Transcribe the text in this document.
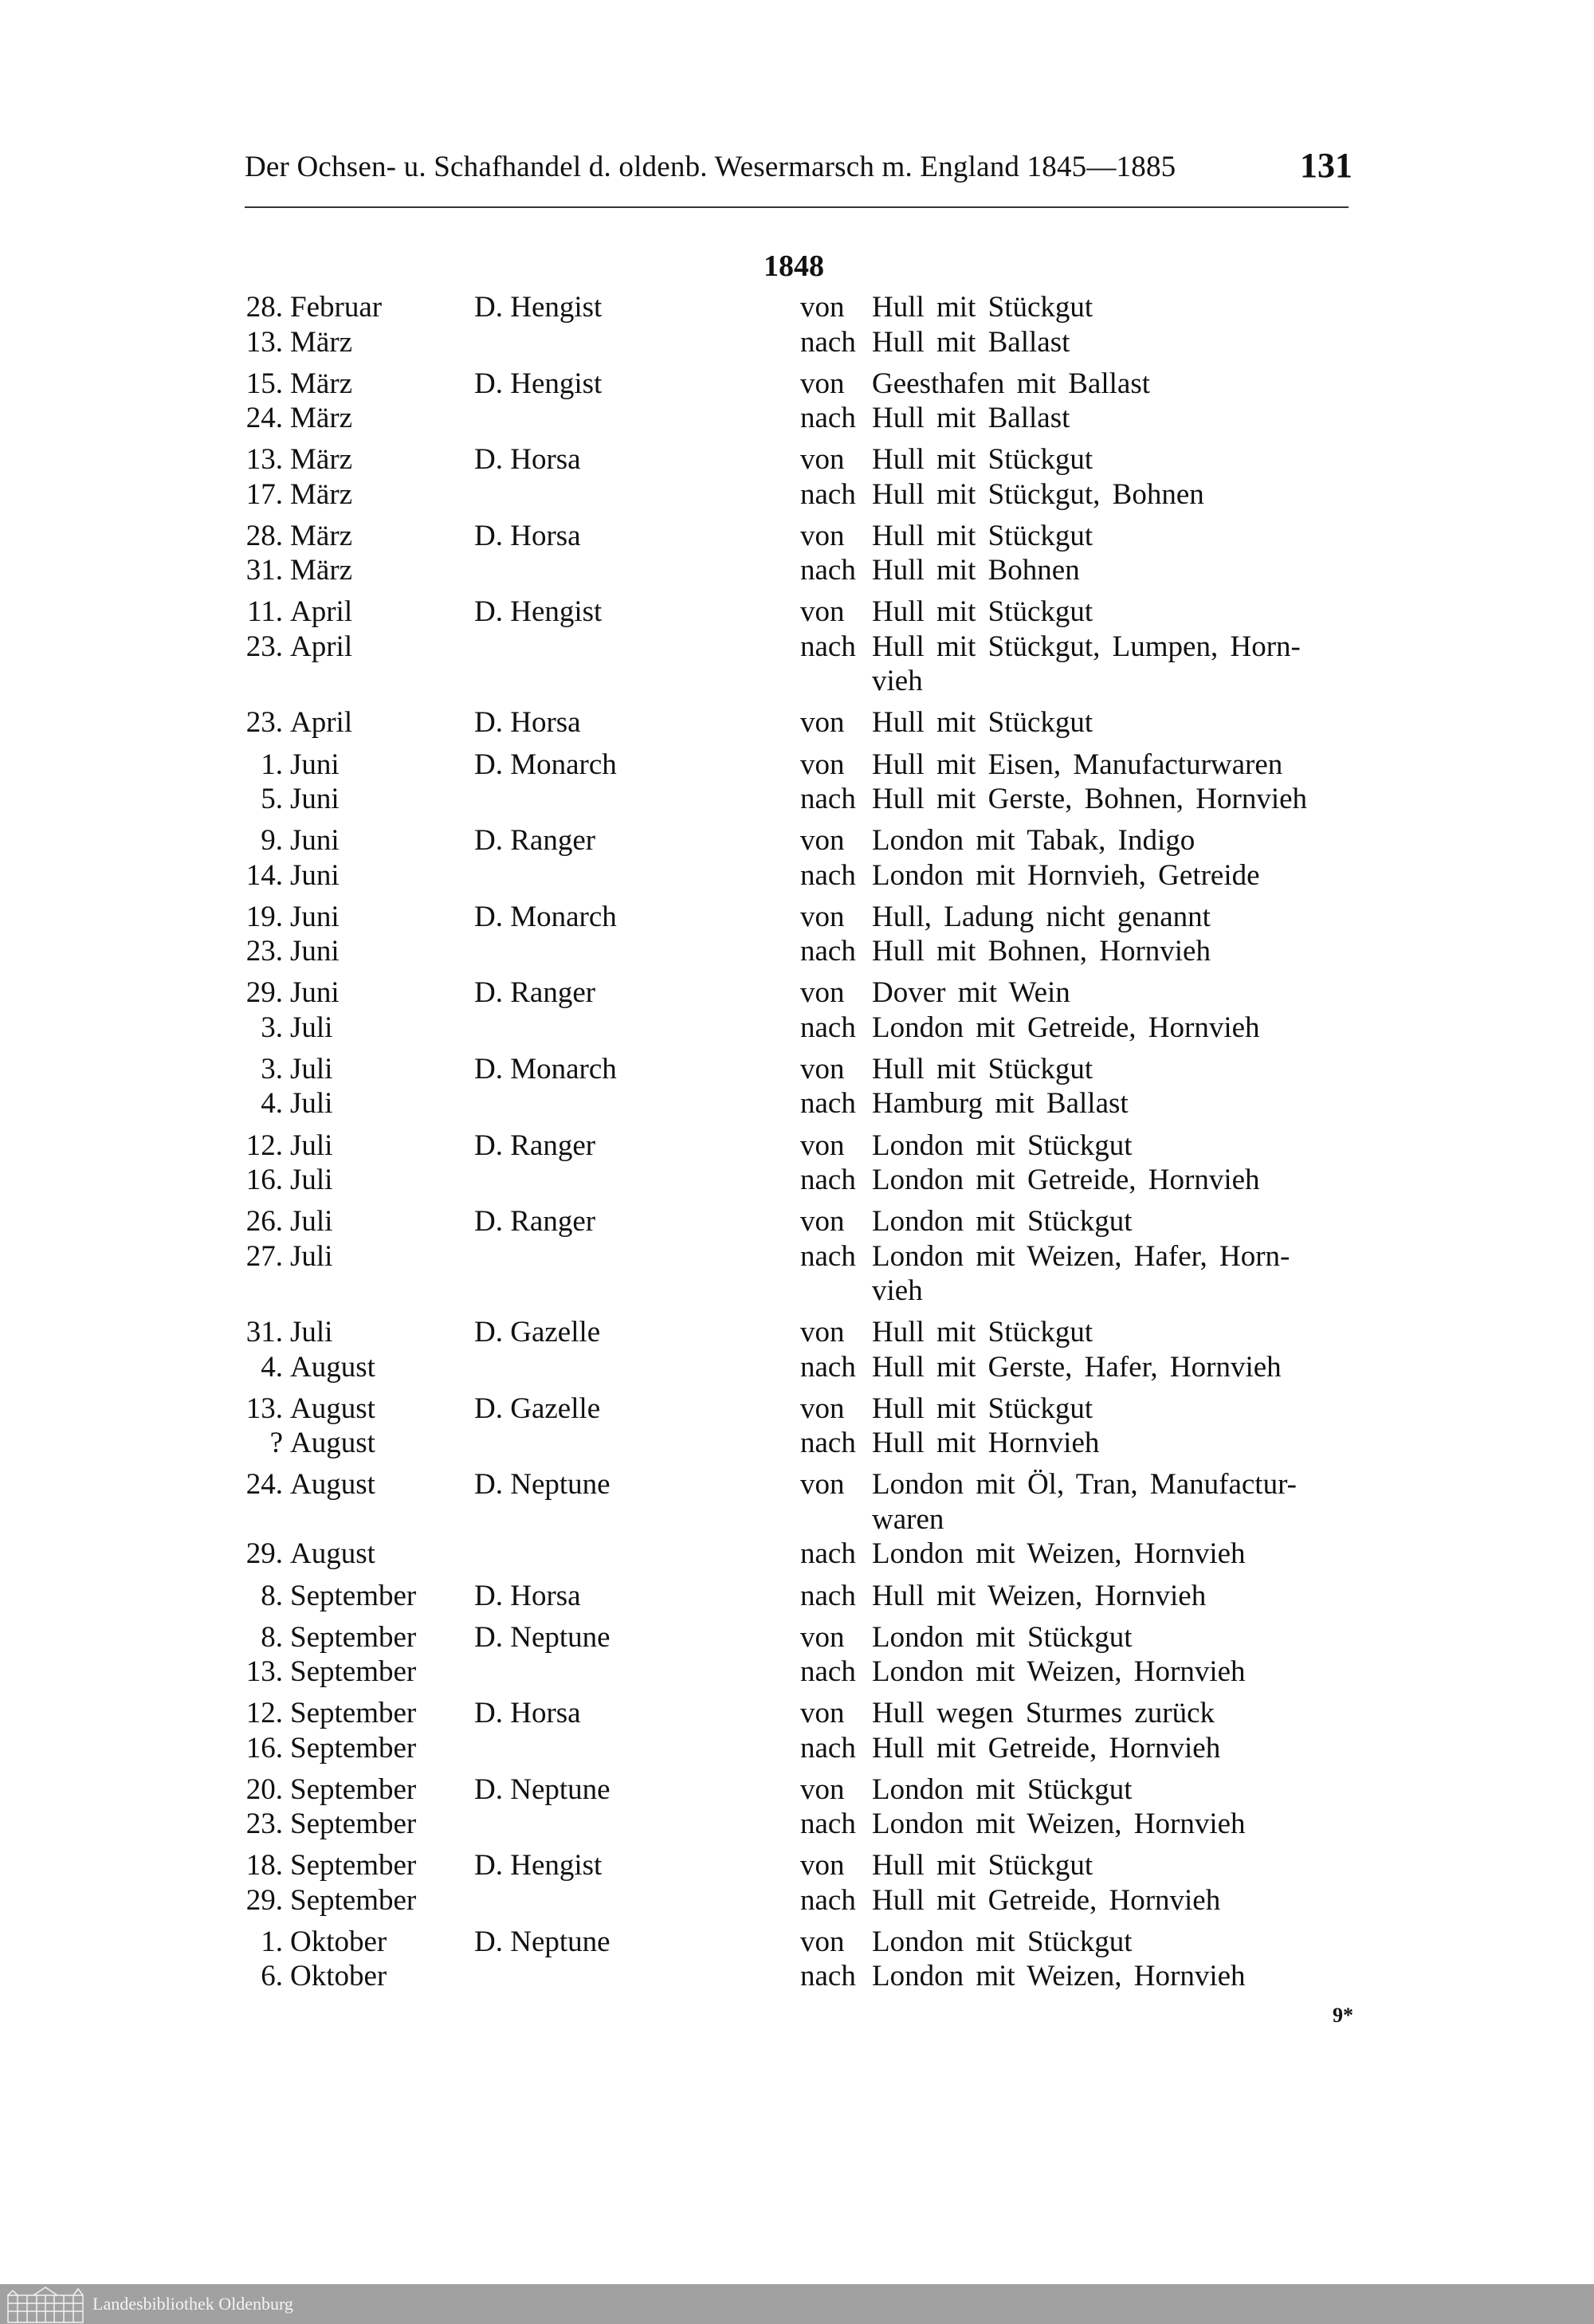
Der Ochsen- u. Schafhandel d. oldenb. Wesermarsch m. England 1845—1885	131
1848
28. Februar	D. Hengist	von Hull mit Stückgut
13. März	nach Hull mit Ballast
15. März	D. Hengist	von Geesthafen mit Ballast
24. März	nach Hull mit Ballast
13. März	D. Horsa	von Hull mit Stückgut
17. März	nach Hull mit Stückgut, Bohnen
28. März	D. Horsa	von Hull mit Stückgut
31. März	nach Hull mit Bohnen
11. April	D. Hengist	von Hull mit Stückgut
23. April	nach Hull mit Stückgut, Lumpen, Horn-
vieh
23. April	D. Horsa	von Hull mit Stückgut
1. Juni	D. Monarch	von Hull mit Eisen, Manufacturwaren
5. Juni	nach Hull mit Gerste, Bohnen, Hornvieh
9. Juni	D. Ranger	von London mit Tabak, Indigo
14. Juni	nach London mit Hornvieh, Getreide
19. Juni	D. Monarch	von Hull, Ladung nicht genannt
23. Juni	nach Hull mit Bohnen, Hornvieh
29. Juni	D. Ranger	von Dover mit Wein
3. Juli	nach London mit Getreide, Hornvieh
3. Juli	D. Monarch	von Hull mit Stückgut
4. Juli	nach Hamburg mit Ballast
12. Juli	D. Ranger	von London mit Stückgut
16. Juli	nach London mit Getreide, Hornvieh
26. Juli	D. Ranger	von London mit Stückgut
27. Juli	nach London mit Weizen, Hafer, Horn-
vieh
31. Juli	D. Gazelle	von Hull mit Stückgut
4. August	nach Hull mit Gerste, Hafer, Hornvieh
13. August	D. Gazelle	von Hull mit Stückgut
? August	nach Hull mit Hornvieh
24. August	D. Neptune	von London mit Öl, Tran, Manufactur-
waren
29. August	nach London mit Weizen, Hornvieh
8. September D. Horsa	nach Hull mit Weizen, Hornvieh
8. September D. Neptune	von London mit Stückgut
13. September	nach London mit Weizen, Hornvieh
12. September D. Horsa	von Hull wegen Sturmes zurück
16. September	nach Hull mit Getreide, Hornvieh
20. September D. Neptune	von London mit Stückgut
23. September	nach London mit Weizen, Hornvieh
18. September D. Hengist	von Hull mit Stückgut
29. September	nach Hull mit Getreide, Hornvieh
1. Oktober	D. Neptune	von London mit Stückgut
6. Oktober	nach London mit Weizen, Hornvieh
9*
Landesbibliothek Oldenburg
